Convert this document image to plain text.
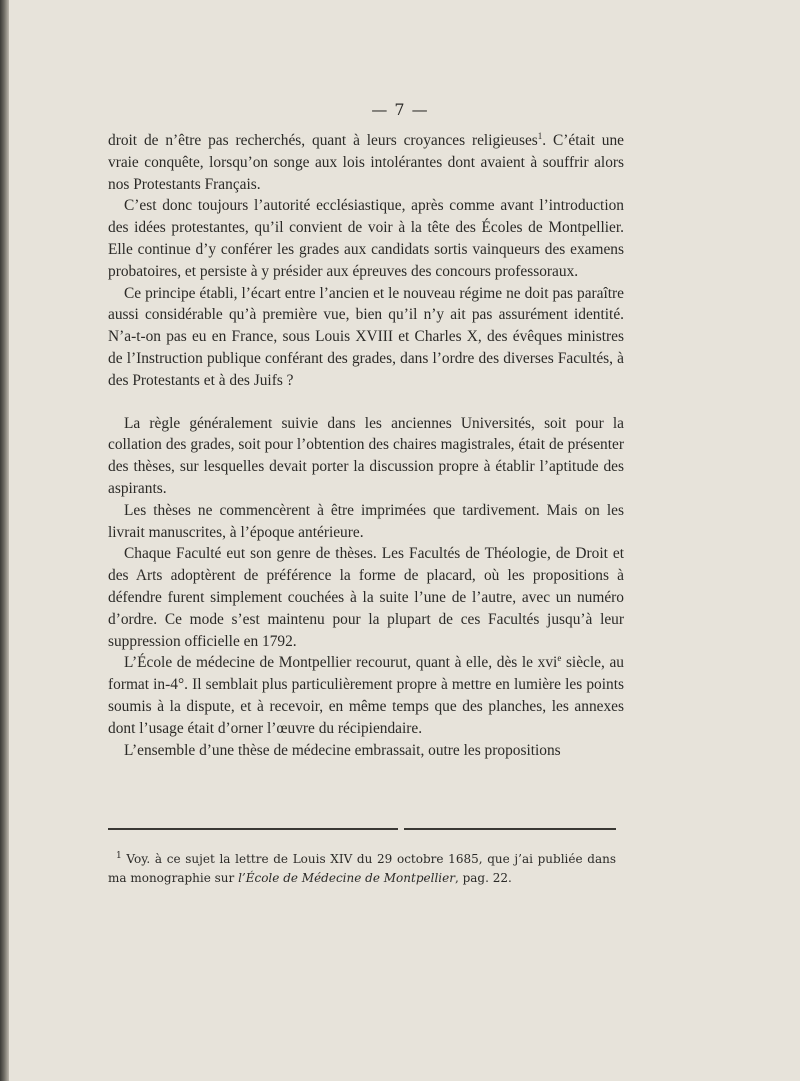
— 7 —

droit de n’être pas recherchés, quant à leurs croyances religieuses$^1$. C’était une vraie conquête, lorsqu’on songe aux lois intolérantes dont avaient à souffrir alors nos Protestants Français.

C’est donc toujours l’autorité ecclésiastique, après comme avant l’introduction des idées protestantes, qu’il convient de voir à la tête des Écoles de Montpellier. Elle continue d’y conférer les grades aux candidats sortis vainqueurs des examens probatoires, et persiste à y présider aux épreuves des concours professoraux.

Ce principe établi, l’écart entre l’ancien et le nouveau régime ne doit pas paraître aussi considérable qu’à première vue, bien qu’il n’y ait pas assurément identité. N’a-t-on pas eu en France, sous Louis XVIII et Charles X, des évêques ministres de l’Instruction publique conférant des grades, dans l’ordre des diverses Facultés, à des Protestants et à des Juifs ?

La règle généralement suivie dans les anciennes Universités, soit pour la collation des grades, soit pour l’obtention des chaires magistrales, était de présenter des thèses, sur lesquelles devait porter la discussion propre à établir l’aptitude des aspirants.

Les thèses ne commencèrent à être imprimées que tardivement. Mais on les livrait manuscrites, à l’époque antérieure.

Chaque Faculté eut son genre de thèses. Les Facultés de Théologie, de Droit et des Arts adoptèrent de préférence la forme de placard, où les propositions à défendre furent simplement couchées à la suite l’une de l’autre, avec un numéro d’ordre. Ce mode s’est maintenu pour la plupart de ces Facultés jusqu’à leur suppression officielle en 1792.

L’École de médecine de Montpellier recourut, quant à elle, dès le xvi$^e$ siècle, au format in-4°. Il semblait plus particulièrement propre à mettre en lumière les points soumis à la dispute, et à recevoir, en même temps que des planches, les annexes dont l’usage était d’orner l’œuvre du récipiendaire.

L’ensemble d’une thèse de médecine embrassait, outre les propositions

$^1$ Voy. à ce sujet la lettre de Louis XIV du 29 octobre 1685, que j’ai publiée dans ma monographie sur l’École de Médecine de Montpellier, pag. 22.
